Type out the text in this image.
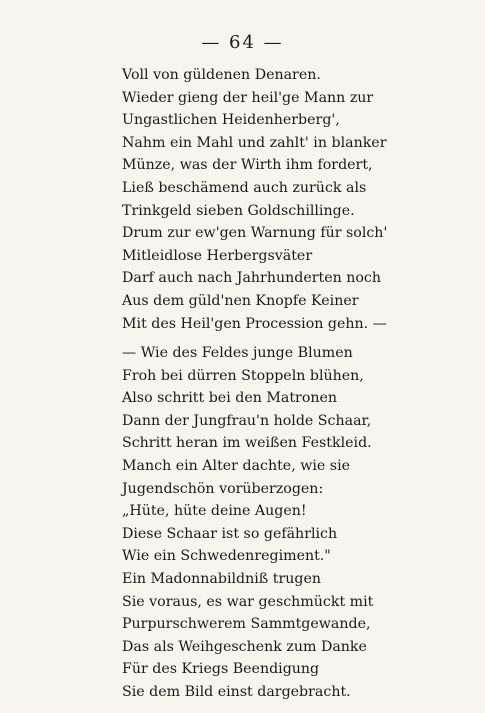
— 64 —
Voll von güldenen Denaren.
Wieder gieng der heil'ge Mann zur
Ungastlichen Heidenherberg',
Nahm ein Mahl und zahlt' in blanker
Münze, was der Wirth ihm fordert,
Ließ beschämend auch zurück als
Trinkgeld sieben Goldschillinge.
Drum zur ew'gen Warnung für solch'
Mitleidlose Herbergsväter
Darf auch nach Jahrhunderten noch
Aus dem güld'nen Knopfe Keiner
Mit des Heil'gen Procession gehn. —
— Wie des Feldes junge Blumen
Froh bei dürren Stoppeln blühen,
Also schritt bei den Matronen
Dann der Jungfrau'n holde Schaar,
Schritt heran im weißen Festkleid.
Manch ein Alter dachte, wie sie
Jugendschön vorüberzogen:
„Hüte, hüte deine Augen!
Diese Schaar ist so gefährlich
Wie ein Schwedenregiment."
Ein Madonnabildniß trugen
Sie voraus, es war geschmückt mit
Purpurschwerem Sammtgewande,
Das als Weihgeschenk zum Danke
Für des Kriegs Beendigung
Sie dem Bild einst dargebracht.
